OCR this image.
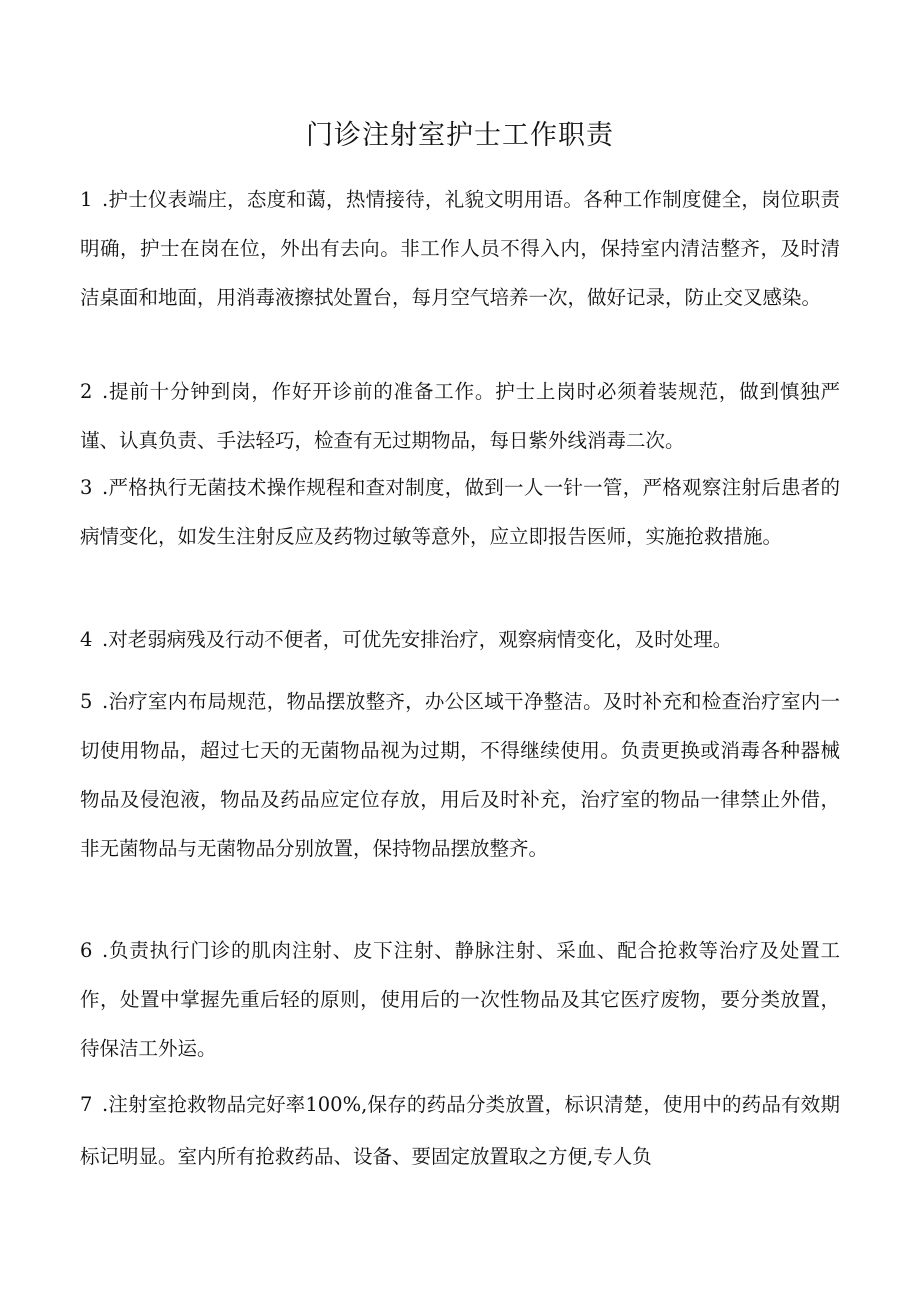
门诊注射室护士工作职责
1 .护士仪表端庄，态度和蔼，热情接待，礼貌文明用语。各种工作制度健全，岗位职责明确，护士在岗在位，外出有去向。非工作人员不得入内，保持室内清洁整齐，及时清洁桌面和地面，用消毒液擦拭处置台，每月空气培养一次，做好记录，防止交叉感染。
2 .提前十分钟到岗，作好开诊前的准备工作。护士上岗时必须着装规范，做到慎独严谨、认真负责、手法轻巧，检查有无过期物品，每日紫外线消毒二次。
3 .严格执行无菌技术操作规程和查对制度，做到一人一针一管，严格观察注射后患者的病情变化，如发生注射反应及药物过敏等意外，应立即报告医师，实施抢救措施。
4 .对老弱病残及行动不便者，可优先安排治疗，观察病情变化，及时处理。
5 .治疗室内布局规范，物品摆放整齐，办公区域干净整洁。及时补充和检查治疗室内一切使用物品，超过七天的无菌物品视为过期，不得继续使用。负责更换或消毒各种器械物品及侵泡液，物品及药品应定位存放，用后及时补充，治疗室的物品一律禁止外借，非无菌物品与无菌物品分别放置，保持物品摆放整齐。
6 .负责执行门诊的肌肉注射、皮下注射、静脉注射、采血、配合抢救等治疗及处置工作，处置中掌握先重后轻的原则，使用后的一次性物品及其它医疗废物，要分类放置，待保洁工外运。
7 .注射室抢救物品完好率100%,保存的药品分类放置，标识清楚，使用中的药品有效期标记明显。室内所有抢救药品、设备、要固定放置取之方便,专人负
